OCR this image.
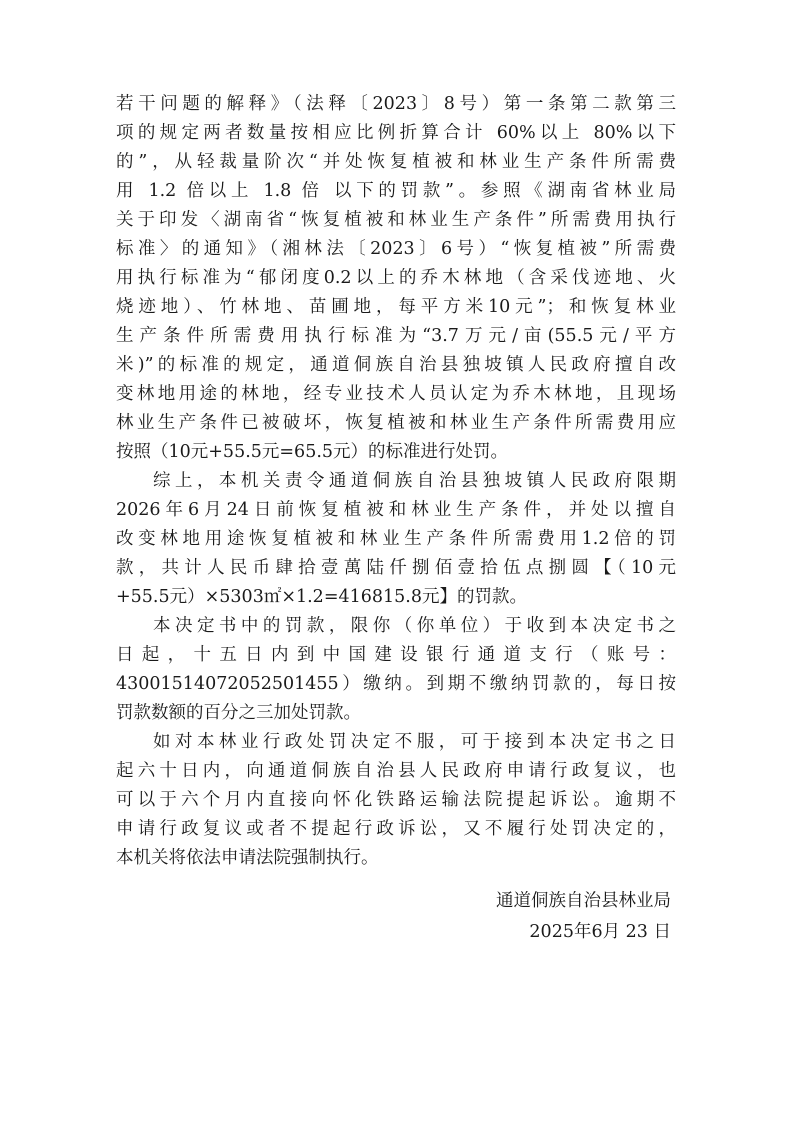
若干问题的解释》（法释〔2023〕8号）第一条第二款第三
项的规定两者数量按相应比例折算合计 60%以上 80%以下
的”，从轻裁量阶次“并处恢复植被和林业生产条件所需费
用 1.2 倍以上 1.8 倍 以下的罚款”。参照《湖南省林业局
关于印发〈湖南省“恢复植被和林业生产条件”所需费用执行
标准〉的通知》（湘林法〔2023〕6号）“恢复植被”所需费
用执行标准为“郁闭度0.2以上的乔木林地（含采伐迹地、火
烧迹地）、竹林地、苗圃地，每平方米10元”；和恢复林业
生产条件所需费用执行标准为“3.7万元/亩(55.5元/平方
米)”的标准的规定，通道侗族自治县独坡镇人民政府擅自改
变林地用途的林地，经专业技术人员认定为乔木林地，且现场
林业生产条件已被破坏，恢复植被和林业生产条件所需费用应
按照（10元+55.5元=65.5元）的标准进行处罚。
综上，本机关责令通道侗族自治县独坡镇人民政府限期
2026年6月24日前恢复植被和林业生产条件，并处以擅自
改变林地用途恢复植被和林业生产条件所需费用1.2倍的罚
款，共计人民币肆拾壹萬陆仟捌佰壹拾伍点捌圆【（10元
+55.5元）×5303㎡×1.2=416815.8元】的罚款。
本决定书中的罚款，限你（你单位）于收到本决定书之
日起，十五日内到中国建设银行通道支行（账号：
43001514072052501455）缴纳。到期不缴纳罚款的，每日按
罚款数额的百分之三加处罚款。
如对本林业行政处罚决定不服，可于接到本决定书之日
起六十日内，向通道侗族自治县人民政府申请行政复议，也
可以于六个月内直接向怀化铁路运输法院提起诉讼。逾期不
申请行政复议或者不提起行政诉讼，又不履行处罚决定的，
本机关将依法申请法院强制执行。
通道侗族自治县林业局
2025年6月 23 日
